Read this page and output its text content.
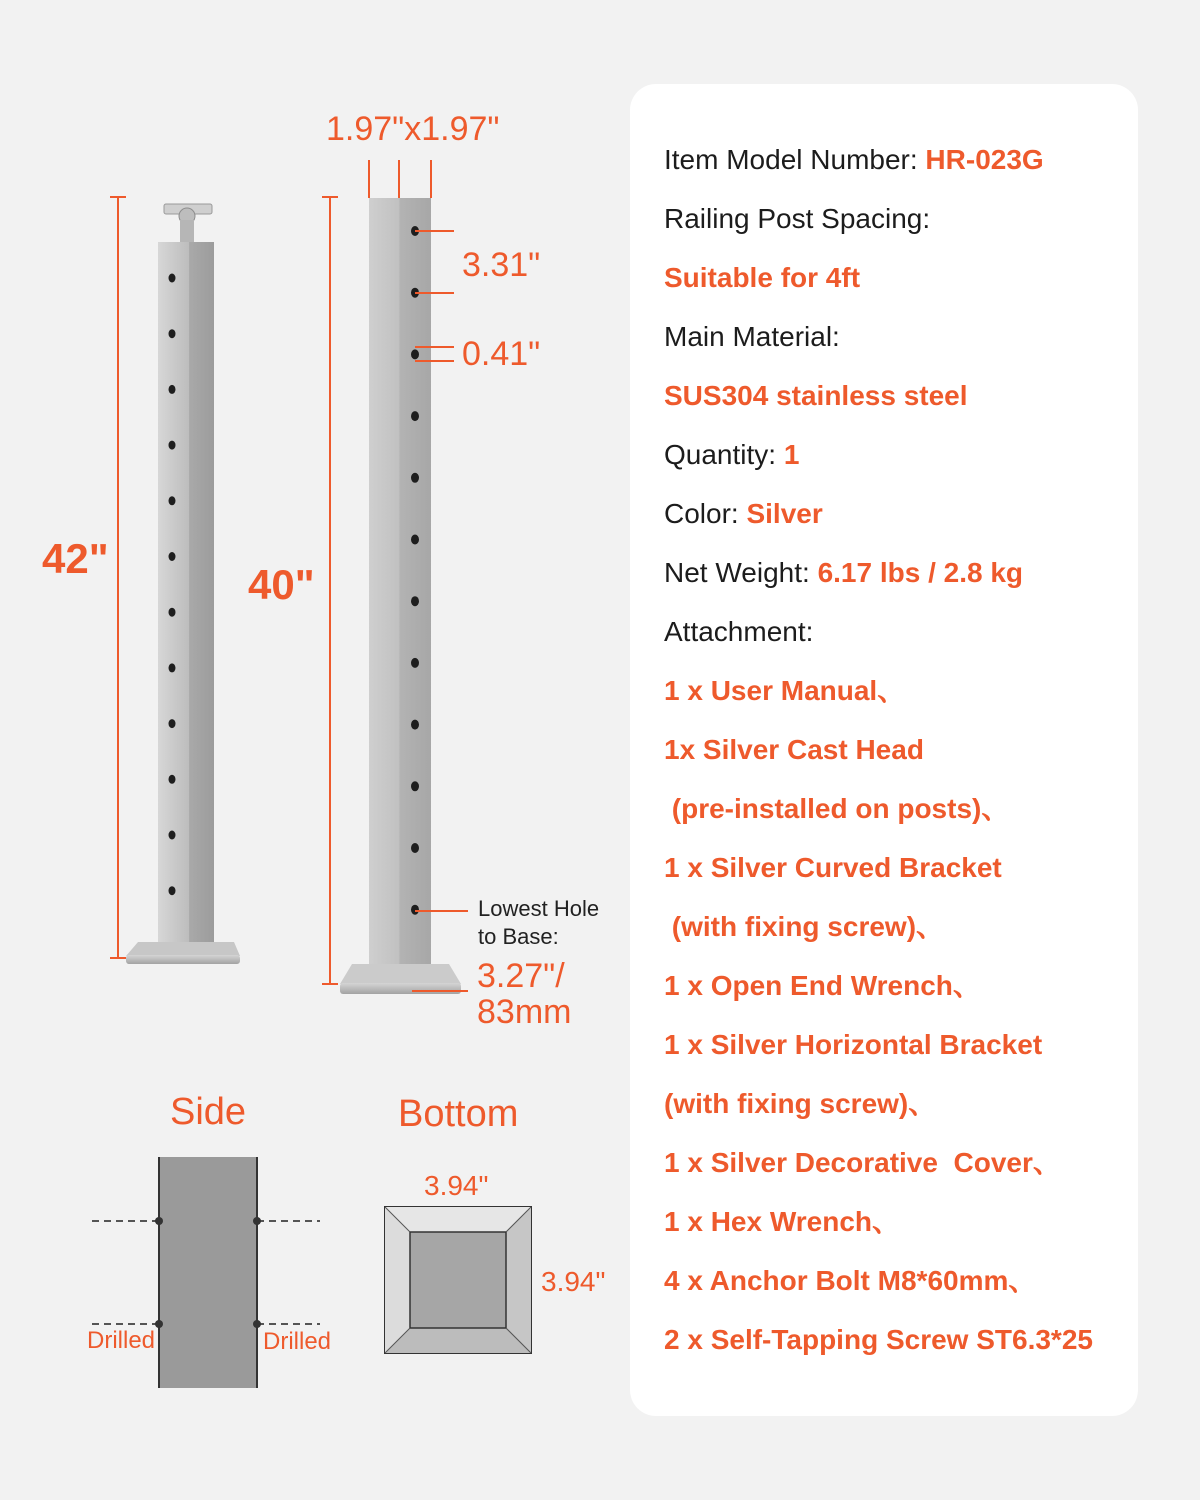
1.97"x1.97"
42"
40"
3.31"
0.41"
Lowest Hole
to Base:
3.27"/
83mm
Side	Bottom
3.94"
3.94"
Drilled	Drilled
Item Model Number: HR-023G
Railing Post Spacing:
Suitable for 4ft
Main Material:
SUS304 stainless steel
Quantity: 1
Color: Silver
Net Weight: 6.17 lbs / 2.8 kg
Attachment:
1 x User Manual、
1x Silver Cast Head
(pre-installed on posts)、
1 x Silver Curved Bracket
(with fixing screw)、
1 x Open End Wrench、
1 x Silver Horizontal Bracket
(with fixing screw)、
1 x Silver Decorative  Cover、
1 x Hex Wrench、
4 x Anchor Bolt M8*60mm、
2 x Self-Tapping Screw ST6.3*25
